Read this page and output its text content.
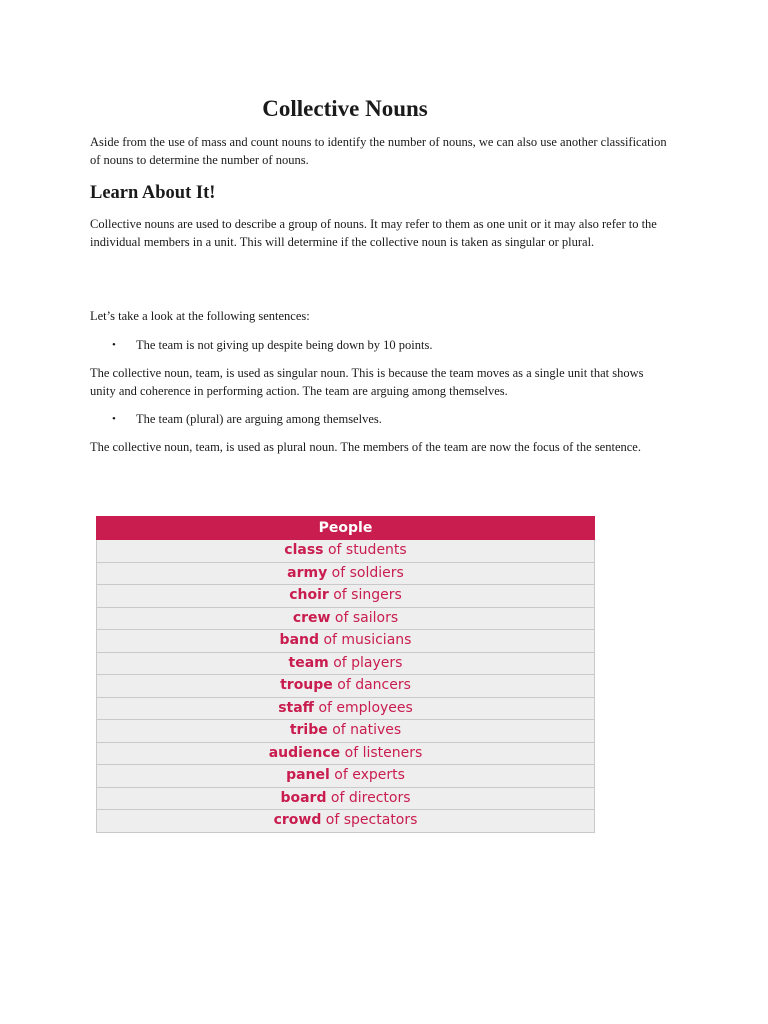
Collective Nouns

Aside from the use of mass and count nouns to identify the number of nouns, we can also use another classification of nouns to determine the number of nouns.

Learn About It!

Collective nouns are used to describe a group of nouns. It may refer to them as one unit or it may also refer to the individual members in a unit. This will determine if the collective noun is taken as singular or plural.

Let’s take a look at the following sentences:

• The team is not giving up despite being down by 10 points.

The collective noun, team, is used as singular noun. This is because the team moves as a single unit that shows unity and coherence in performing action. The team are arguing among themselves.

• The team (plural) are arguing among themselves.

The collective noun, team, is used as plural noun. The members of the team are now the focus of the sentence.

People
class of students
army of soldiers
choir of singers
crew of sailors
band of musicians
team of players
troupe of dancers
staff of employees
tribe of natives
audience of listeners
panel of experts
board of directors
crowd of spectators
